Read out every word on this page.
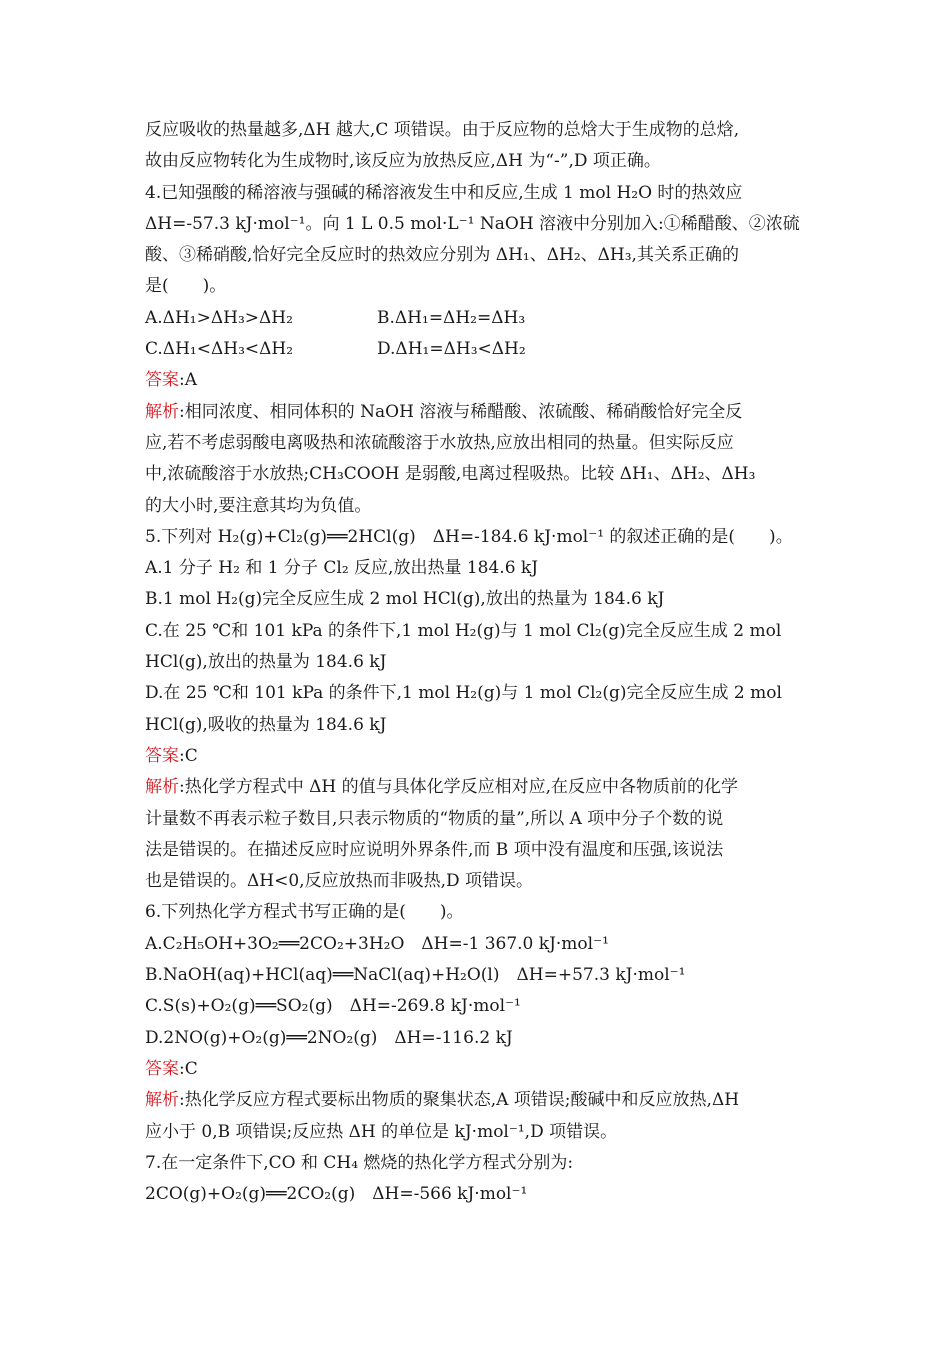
反应吸收的热量越多,ΔH 越大,C 项错误。由于反应物的总焓大于生成物的总焓,
故由反应物转化为生成物时,该反应为放热反应,ΔH 为“-”,D 项正确。
4.已知强酸的稀溶液与强碱的稀溶液发生中和反应,生成 1 mol H₂O 时的热效应
ΔH=-57.3 kJ·mol⁻¹。向 1 L 0.5 mol·L⁻¹ NaOH 溶液中分别加入:①稀醋酸、②浓硫
酸、③稀硝酸,恰好完全反应时的热效应分别为 ΔH₁、ΔH₂、ΔH₃,其关系正确的
是(　　)。
A.ΔH₁>ΔH₃>ΔH₂	B.ΔH₁=ΔH₂=ΔH₃
C.ΔH₁<ΔH₃<ΔH₂	D.ΔH₁=ΔH₃<ΔH₂
答案:A
解析:相同浓度、相同体积的 NaOH 溶液与稀醋酸、浓硫酸、稀硝酸恰好完全反
应,若不考虑弱酸电离吸热和浓硫酸溶于水放热,应放出相同的热量。但实际反应
中,浓硫酸溶于水放热;CH₃COOH 是弱酸,电离过程吸热。比较 ΔH₁、ΔH₂、ΔH₃
的大小时,要注意其均为负值。
5.下列对 H₂(g)+Cl₂(g)══2HCl(g)　ΔH=-184.6 kJ·mol⁻¹ 的叙述正确的是(　　)。
A.1 分子 H₂ 和 1 分子 Cl₂ 反应,放出热量 184.6 kJ
B.1 mol H₂(g)完全反应生成 2 mol HCl(g),放出的热量为 184.6 kJ
C.在 25 ℃和 101 kPa 的条件下,1 mol H₂(g)与 1 mol Cl₂(g)完全反应生成 2 mol
HCl(g),放出的热量为 184.6 kJ
D.在 25 ℃和 101 kPa 的条件下,1 mol H₂(g)与 1 mol Cl₂(g)完全反应生成 2 mol
HCl(g),吸收的热量为 184.6 kJ
答案:C
解析:热化学方程式中 ΔH 的值与具体化学反应相对应,在反应中各物质前的化学
计量数不再表示粒子数目,只表示物质的“物质的量”,所以 A 项中分子个数的说
法是错误的。在描述反应时应说明外界条件,而 B 项中没有温度和压强,该说法
也是错误的。ΔH<0,反应放热而非吸热,D 项错误。
6.下列热化学方程式书写正确的是(　　)。
A.C₂H₅OH+3O₂══2CO₂+3H₂O　ΔH=-1 367.0 kJ·mol⁻¹
B.NaOH(aq)+HCl(aq)══NaCl(aq)+H₂O(l)　ΔH=+57.3 kJ·mol⁻¹
C.S(s)+O₂(g)══SO₂(g)　ΔH=-269.8 kJ·mol⁻¹
D.2NO(g)+O₂(g)══2NO₂(g)　ΔH=-116.2 kJ
答案:C
解析:热化学反应方程式要标出物质的聚集状态,A 项错误;酸碱中和反应放热,ΔH
应小于 0,B 项错误;反应热 ΔH 的单位是 kJ·mol⁻¹,D 项错误。
7.在一定条件下,CO 和 CH₄ 燃烧的热化学方程式分别为:
2CO(g)+O₂(g)══2CO₂(g)　ΔH=-566 kJ·mol⁻¹
